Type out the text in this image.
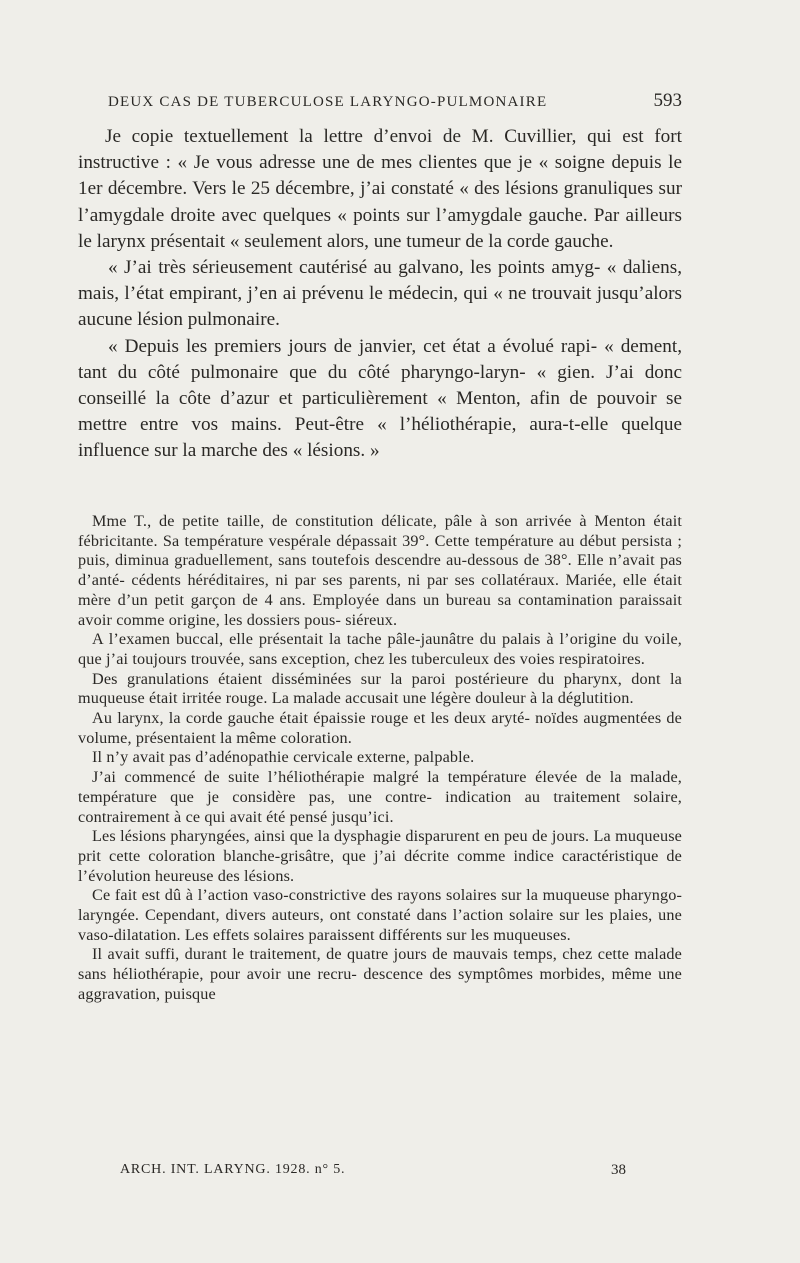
DEUX CAS DE TUBERCULOSE LARYNGO-PULMONAIRE	593

Je copie textuellement la lettre d’envoi de M. Cuvillier, qui est fort instructive : « Je vous adresse une de mes clientes que je « soigne depuis le 1er décembre. Vers le 25 décembre, j’ai constaté « des lésions granuliques sur l’amygdale droite avec quelques « points sur l’amygdale gauche. Par ailleurs le larynx présentait « seulement alors, une tumeur de la corde gauche.

« J’ai très sérieusement cautérisé au galvano, les points amyg- « daliens, mais, l’état empirant, j’en ai prévenu le médecin, qui « ne trouvait jusqu’alors aucune lésion pulmonaire.

« Depuis les premiers jours de janvier, cet état a évolué rapi- « dement, tant du côté pulmonaire que du côté pharyngo-laryn- « gien. J’ai donc conseillé la côte d’azur et particulièrement « Menton, afin de pouvoir se mettre entre vos mains. Peut-être « l’héliothérapie, aura-t-elle quelque influence sur la marche des « lésions. »

Mme T., de petite taille, de constitution délicate, pâle à son arrivée à Menton était fébricitante. Sa température vespérale dépassait 39°. Cette température au début persista ; puis, diminua graduellement, sans toutefois descendre au-dessous de 38°. Elle n’avait pas d’anté- cédents héréditaires, ni par ses parents, ni par ses collatéraux. Mariée, elle était mère d’un petit garçon de 4 ans. Employée dans un bureau sa contamination paraissait avoir comme origine, les dossiers pous- siéreux.

A l’examen buccal, elle présentait la tache pâle-jaunâtre du palais à l’origine du voile, que j’ai toujours trouvée, sans exception, chez les tuberculeux des voies respiratoires.

Des granulations étaient disséminées sur la paroi postérieure du pharynx, dont la muqueuse était irritée rouge. La malade accusait une légère douleur à la déglutition.

Au larynx, la corde gauche était épaissie rouge et les deux aryté- noïdes augmentées de volume, présentaient la même coloration.

Il n’y avait pas d’adénopathie cervicale externe, palpable.

J’ai commencé de suite l’héliothérapie malgré la température élevée de la malade, température que je considère pas, une contre- indication au traitement solaire, contrairement à ce qui avait été pensé jusqu’ici.

Les lésions pharyngées, ainsi que la dysphagie disparurent en peu de jours. La muqueuse prit cette coloration blanche-grisâtre, que j’ai décrite comme indice caractéristique de l’évolution heureuse des lésions.

Ce fait est dû à l’action vaso-constrictive des rayons solaires sur la muqueuse pharyngo-laryngée. Cependant, divers auteurs, ont constaté dans l’action solaire sur les plaies, une vaso-dilatation. Les effets solaires paraissent différents sur les muqueuses.

Il avait suffi, durant le traitement, de quatre jours de mauvais temps, chez cette malade sans héliothérapie, pour avoir une recru- descence des symptômes morbides, même une aggravation, puisque

ARCH. INT. LARYNG. 1928. n° 5.	38
